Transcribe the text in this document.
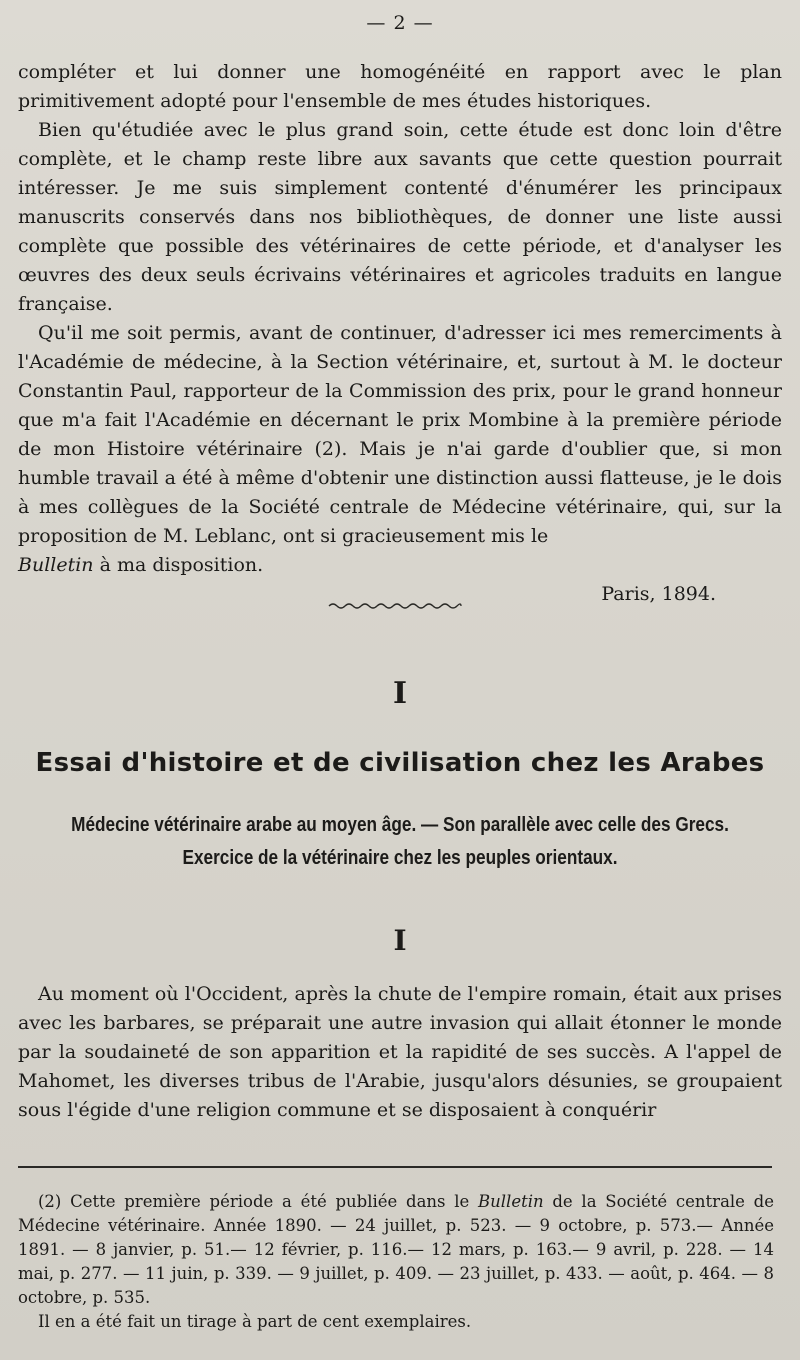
— 2 —

compléter et lui donner une homogénéité en rapport avec le plan primitivement adopté pour l'ensemble de mes études historiques.

Bien qu'étudiée avec le plus grand soin, cette étude est donc loin d'être complète, et le champ reste libre aux savants que cette question pourrait intéresser. Je me suis simplement contenté d'énumérer les principaux manuscrits conservés dans nos bibliothèques, de donner une liste aussi complète que possible des vétérinaires de cette période, et d'analyser les œuvres des deux seuls écrivains vétérinaires et agricoles traduits en langue française.

Qu'il me soit permis, avant de continuer, d'adresser ici mes remerciments à l'Académie de médecine, à la Section vétérinaire, et, surtout à M. le docteur Constantin Paul, rapporteur de la Commission des prix, pour le grand honneur que m'a fait l'Académie en décernant le prix Mombine à la première période de mon Histoire vétérinaire (2). Mais je n'ai garde d'oublier que, si mon humble travail a été à même d'obtenir une distinction aussi flatteuse, je le dois à mes collègues de la Société centrale de Médecine vétérinaire, qui, sur la proposition de M. Leblanc, ont si gracieusement mis le
Bulletin à ma disposition.

Paris, 1894.

I
Essai d'histoire et de civilisation chez les Arabes
Médecine vétérinaire arabe au moyen âge. — Son parallèle avec celle des Grecs.
Exercice de la vétérinaire chez les peuples orientaux.
I

Au moment où l'Occident, après la chute de l'empire romain, était aux prises avec les barbares, se préparait une autre invasion qui allait étonner le monde par la soudaineté de son apparition et la rapidité de ses succès. A l'appel de Mahomet, les diverses tribus de l'Arabie, jusqu'alors désunies, se groupaient sous l'égide d'une religion commune et se disposaient à conquérir

(2) Cette première période a été publiée dans le Bulletin de la Société centrale de Médecine vétérinaire. Année 1890. — 24 juillet, p. 523. — 9 octobre, p. 573.— Année 1891. — 8 janvier, p. 51.— 12 février, p. 116.— 12 mars, p. 163.— 9 avril, p. 228. — 14 mai, p. 277. — 11 juin, p. 339. — 9 juillet, p. 409. — 23 juillet, p. 433. — août, p. 464. — 8 octobre, p. 535.

Il en a été fait un tirage à part de cent exemplaires.
